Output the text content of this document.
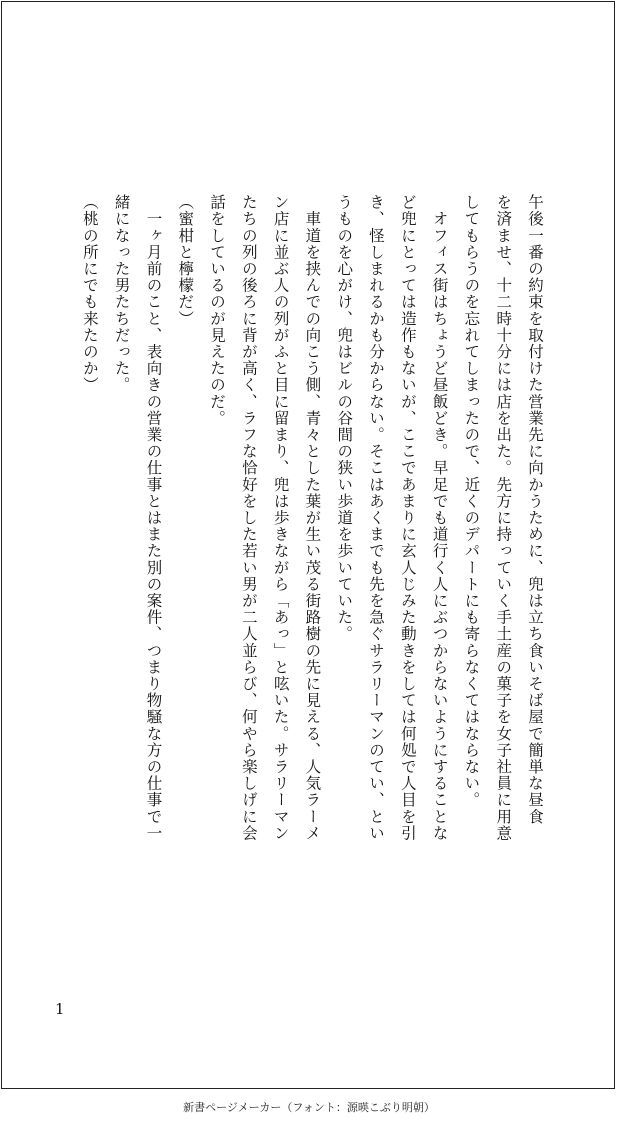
午後一番の約束を取付けた営業先に向かうために、兜は立ち食いそば屋で簡単な昼食
を済ませ、十二時十分には店を出た。先方に持っていく手土産の菓子を女子社員に用意
してもらうのを忘れてしまったので、近くのデパートにも寄らなくてはならない。
　オフィス街はちょうど昼飯どき。早足でも道行く人にぶつからないようにすることな
ど兜にとっては造作もないが、ここであまりに玄人じみた動きをしては何処で人目を引
き、怪しまれるかも分からない。そこはあくまでも先を急ぐサラリーマンのてい、とい
うものを心がけ、兜はビルの谷間の狭い歩道を歩いていた。
　車道を挟んでの向こう側、青々とした葉が生い茂る街路樹の先に見える、人気ラーメ
ン店に並ぶ人の列がふと目に留まり、兜は歩きながら「あっ」と呟いた。サラリーマン
たちの列の後ろに背が高く、ラフな恰好をした若い男が二人並らび、何やら楽しげに会
話をしているのが見えたのだ。
（蜜柑と檸檬だ）
　一ヶ月前のこと、表向きの営業の仕事とはまた別の案件、つまり物騒な方の仕事で一
緒になった男たちだった。
（桃の所にでも来たのか）
1
新書ページメーカー（フォント：源暎こぶり明朝）
